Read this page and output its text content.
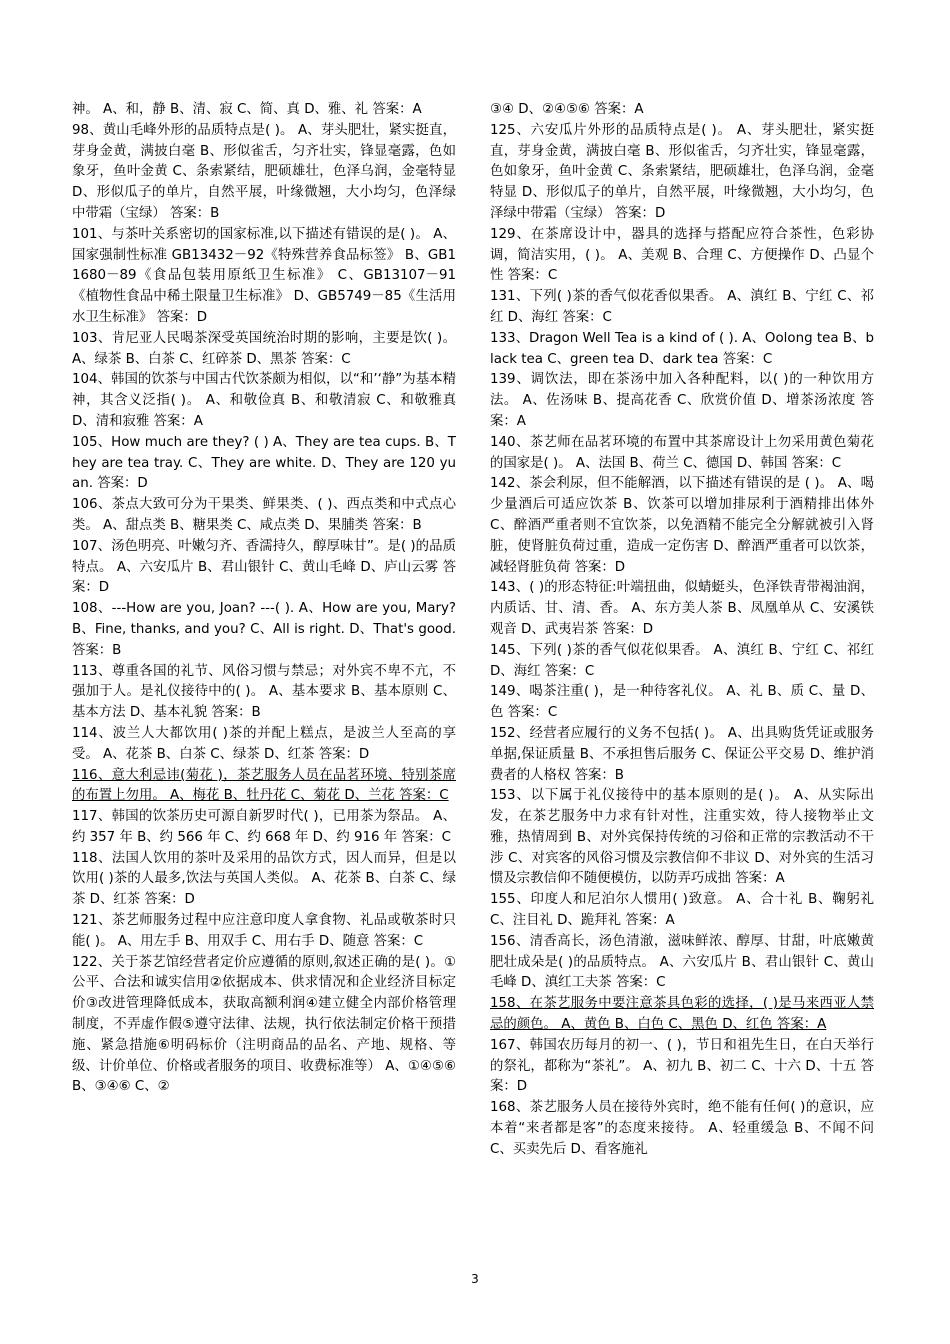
神。 A、和，静 B、清、寂 C、简、真 D、雅、礼 答案：A

98、黄山毛峰外形的品质特点是( )。 A、芽头肥壮，紧实挺直，芽身金黄，满披白毫 B、形似雀舌，匀齐壮实，锋显毫露，色如象牙，鱼叶金黄 C、条索紧结，肥硕雄壮，色泽乌润，金毫特显 D、形似瓜子的单片，自然平展，叶缘微翘，大小均匀，色泽绿中带霜（宝绿） 答案：B

101、与茶叶关系密切的国家标准,以下描述有错误的是( )。 A、国家强制性标准 GB13432－92《特殊营养食品标签》 B、GB11680－89《食品包装用原纸卫生标准》 C、GB13107－91《植物性食品中稀土限量卫生标准》 D、GB5749－85《生活用水卫生标准》 答案：D

103、肯尼亚人民喝茶深受英国统治时期的影响，主要是饮( )。 A、绿茶 B、白茶 C、红碎茶 D、黑茶 答案：C

104、韩国的饮茶与中国古代饮茶颇为相似，以“和’‘静”为基本精神，其含义泛指( )。 A、和敬俭真 B、和敬清寂 C、和敬雅真 D、清和寂雅 答案：A

105、How much are they? ( ) A、They are tea cups. B、They are tea tray. C、They are white. D、They are 120 yuan. 答案：D

106、茶点大致可分为干果类、鲜果类、( )、西点类和中式点心类。 A、甜点类 B、糖果类 C、咸点类 D、果脯类 答案：B

107、汤色明亮、叶嫩匀齐、香濡持久，醇厚味甘”。是( )的品质特点。 A、六安瓜片 B、君山银针 C、黄山毛峰 D、庐山云雾 答案：D

108、---How are you, Joan? ---( ). A、How are you, Mary? B、Fine, thanks, and you? C、All is right. D、That's good. 答案：B

113、尊重各国的礼节、风俗习惯与禁忌；对外宾不卑不亢，不强加于人。是礼仪接待中的( )。 A、基本要求 B、基本原则 C、基本方法 D、基本礼貌 答案：B

114、波兰人大都饮用( )茶的并配上糕点，是波兰人至高的享受。 A、花茶 B、白茶 C、绿茶 D、红茶 答案：D

116、意大利忌讳(菊花 )，茶艺服务人员在品茗环境、特别茶席的布置上勿用。 A、梅花 B、牡丹花 C、菊花 D、兰花 答案：C

117、韩国的饮茶历史可源自新罗时代( )，已用茶为祭品。 A、约 357 年 B、约 566 年 C、约 668 年 D、约 916 年 答案：C

118、法国人饮用的茶叶及采用的品饮方式，因人而异，但是以饮用( )茶的人最多,饮法与英国人类似。 A、花茶 B、白茶 C、绿茶 D、红茶 答案：D

121、茶艺师服务过程中应注意印度人拿食物、礼品或敬茶时只能( )。 A、用左手 B、用双手 C、用右手 D、随意 答案：C

122、关于茶艺馆经营者定价应遵循的原则,叙述正确的是( )。①公平、合法和诚实信用②依据成本、供求情况和企业经济目标定价③改进管理降低成本，获取高额利润④建立健全内部价格管理制度，不弄虚作假⑤遵守法律、法规，执行依法制定价格干预措施、紧急措施⑥明码标价（注明商品的品名、产地、规格、等级、计价单位、价格或者服务的项目、收费标准等） A、①④⑤⑥ B、③④⑥ C、②

③④ D、②④⑤⑥ 答案：A

125、六安瓜片外形的品质特点是( )。 A、芽头肥壮，紧实挺直，芽身金黄，满披白毫 B、形似雀舌，匀齐壮实，锋显毫露，色如象牙，鱼叶金黄 C、条索紧结，肥硕雄壮，色泽乌润，金毫特显 D、形似瓜子的单片，自然平展，叶缘微翘，大小均匀，色泽绿中带霜（宝绿） 答案：D

129、在茶席设计中，器具的选择与搭配应符合茶性，色彩协调，简洁实用，( )。 A、美观 B、合理 C、方便操作 D、凸显个性 答案：C

131、下列( )茶的香气似花香似果香。 A、滇红 B、宁红 C、祁红 D、海红 答案：C

133、Dragon Well Tea is a kind of ( ). A、Oolong tea B、black tea C、green tea D、dark tea 答案：C

139、调饮法，即在茶汤中加入各种配料，以( )的一种饮用方法。 A、佐汤味 B、提高花香 C、欣赏价值 D、增茶汤浓度 答案：A

140、茶艺师在品茗环境的布置中其茶席设计上勿采用黄色菊花的国家是( )。 A、法国 B、荷兰 C、德国 D、韩国 答案：C

142、茶会利尿，但不能解酒，以下描述有错误的是 ( )。 A、喝少量酒后可适应饮茶 B、饮茶可以增加排尿利于酒精排出体外 C、醉酒严重者则不宜饮茶，以免酒精不能完全分解就被引入肾脏，使肾脏负荷过重，造成一定伤害 D、醉酒严重者可以饮茶，减轻肾脏负荷 答案：D

143、( )的形态特征:叶端扭曲，似蜻蜓头，色泽铁青带褐油润，内质话、甘、清、香。 A、东方美人茶 B、凤凰单从 C、安溪铁观音 D、武夷岩茶 答案：D

145、下列( )茶的香气似花似果香。 A、滇红 B、宁红 C、祁红 D、海红 答案：C

149、喝茶注重( )，是一种待客礼仪。 A、礼 B、质 C、量 D、色 答案：C

152、经营者应履行的义务不包括( )。 A、出具购货凭证或服务单据,保证质量 B、不承担售后服务 C、保证公平交易 D、维护消费者的人格权 答案：B

153、以下属于礼仪接待中的基本原则的是( )。 A、从实际出发，在茶艺服务中力求有针对性，注重实效，待人接物举止文雅，热情周到 B、对外宾保持传统的习俗和正常的宗教活动不干涉 C、对宾客的风俗习惯及宗教信仰不非议 D、对外宾的生活习惯及宗教信仰不随便模仿，以防弄巧成拙 答案：A

155、印度人和尼泊尔人惯用( )致意。 A、合十礼 B、鞠躬礼 C、注目礼 D、跪拜礼 答案：A

156、清香高长，汤色清澈，滋味鲜浓、醇厚、甘甜，叶底嫩黄肥壮成朵是( )的品质特点。 A、六安瓜片 B、君山银针 C、黄山毛峰 D、滇红工夫茶 答案：C

158、在茶艺服务中要注意茶具色彩的选择，( )是马来西亚人禁忌的颜色。 A、黄色 B、白色 C、黑色 D、红色 答案：A

167、韩国农历每月的初一、( )，节日和祖先生日，在白天举行的祭礼，都称为“茶礼”。 A、初九 B、初二 C、十六 D、十五 答案：D

168、茶艺服务人员在接待外宾时，绝不能有任何( )的意识，应本着“来者都是客”的态度来接待。 A、轻重缓急 B、不闻不问 C、买卖先后 D、看客施礼

3
